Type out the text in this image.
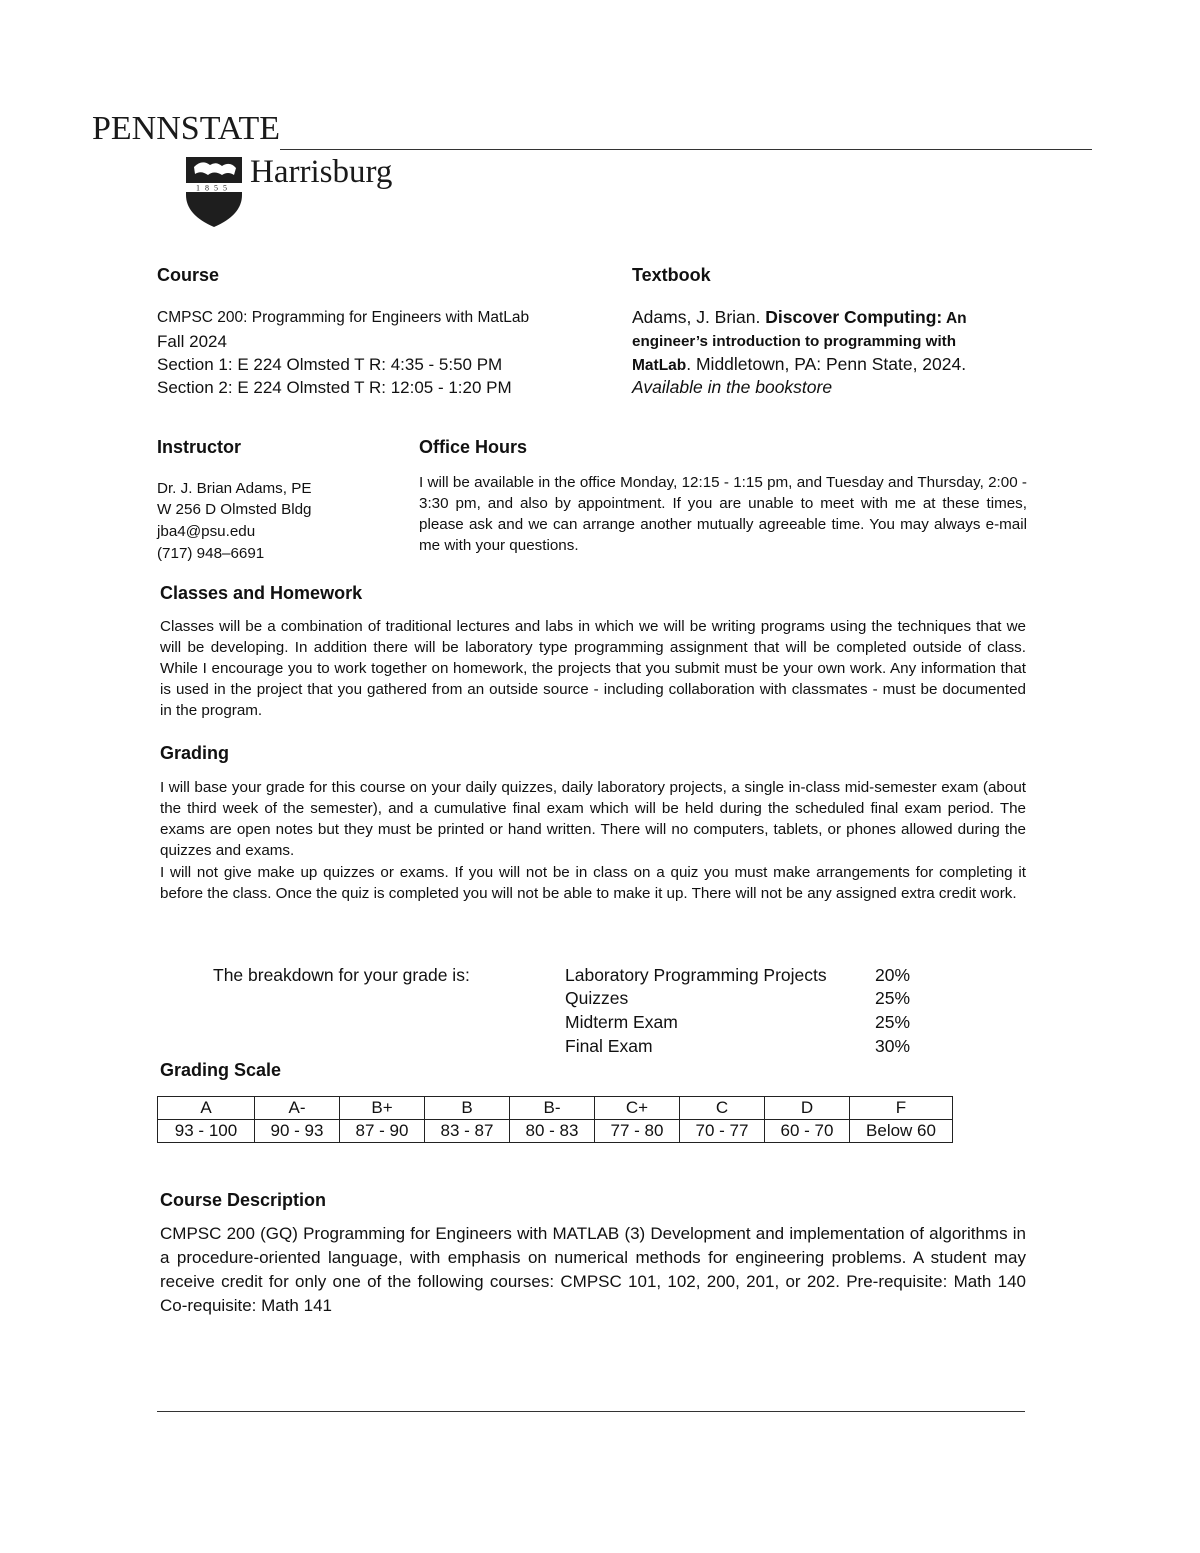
PENNSTATE
1855 Harrisburg
Course
CMPSC 200: Programming for Engineers with MatLab
Fall 2024
Section 1: E 224 Olmsted T R: 4:35 - 5:50 PM
Section 2: E 224 Olmsted T R: 12:05 - 1:20 PM
Textbook
Adams, J. Brian. Discover Computing: An
engineer’s introduction to programming with
MatLab. Middletown, PA: Penn State, 2024.
Available in the bookstore
Instructor
Dr. J. Brian Adams, PE
W 256 D Olmsted Bldg
jba4@psu.edu
(717) 948–6691
Office Hours
I will be available in the office Monday, 12:15 - 1:15 pm, and Tuesday and Thursday, 2:00 - 3:30 pm, and also by appointment. If you are unable to meet with me at these times, please ask and we can arrange another mutually agreeable time. You may always e-mail me with your questions.
Classes and Homework
Classes will be a combination of traditional lectures and labs in which we will be writing programs using the techniques that we will be developing. In addition there will be laboratory type programming assignment that will be completed outside of class. While I encourage you to work together on homework, the projects that you submit must be your own work. Any information that is used in the project that you gathered from an outside source - including collaboration with classmates - must be documented in the program.
Grading
I will base your grade for this course on your daily quizzes, daily laboratory projects, a single in-class mid-semester exam (about the third week of the semester), and a cumulative final exam which will be held during the scheduled final exam period. The exams are open notes but they must be printed or hand written. There will no computers, tablets, or phones allowed during the quizzes and exams.
I will not give make up quizzes or exams. If you will not be in class on a quiz you must make arrangements for completing it before the class. Once the quiz is completed you will not be able to make it up. There will not be any assigned extra credit work.
The breakdown for your grade is:	Laboratory Programming Projects	20%
Quizzes	25%
Midterm Exam	25%
Final Exam	30%
Grading Scale
A	A-	B+	B	B-	C+	C	D	F
93 - 100	90 - 93	87 - 90	83 - 87	80 - 83	77 - 80	70 - 77	60 - 70	Below 60
Course Description
CMPSC 200 (GQ) Programming for Engineers with MATLAB (3) Development and implementation of algorithms in a procedure-oriented language, with emphasis on numerical methods for engineering problems. A student may receive credit for only one of the following courses: CMPSC 101, 102, 200, 201, or 202. Pre-requisite: Math 140 Co-requisite: Math 141
